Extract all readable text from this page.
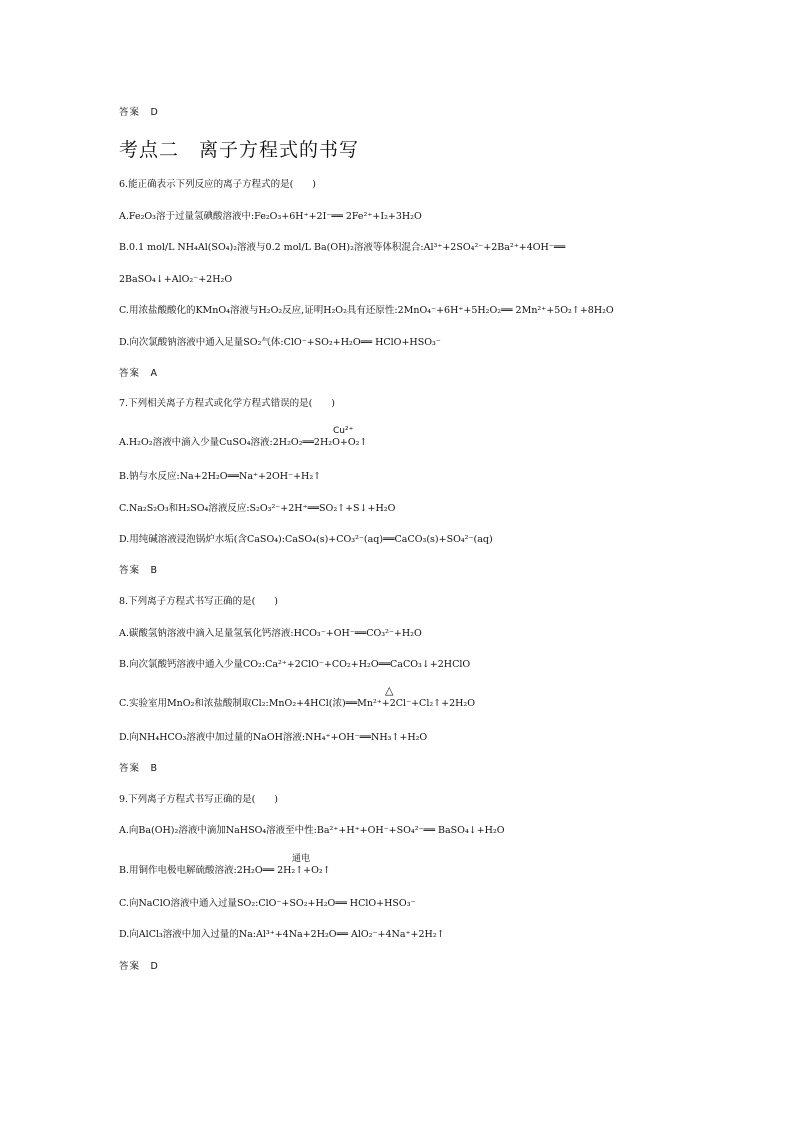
答案　D
考点二　离子方程式的书写
6.能正确表示下列反应的离子方程式的是(　　)
A.Fe₂O₃溶于过量氢碘酸溶液中:Fe₂O₃+6H⁺+2I⁻══ 2Fe²⁺+I₂+3H₂O
B.0.1 mol/L NH₄Al(SO₄)₂溶液与0.2 mol/L Ba(OH)₂溶液等体积混合:Al³⁺+2SO₄²⁻+2Ba²⁺+4OH⁻══
2BaSO₄↓+AlO₂⁻+2H₂O
C.用浓盐酸酸化的KMnO₄溶液与H₂O₂反应,证明H₂O₂具有还原性:2MnO₄⁻+6H⁺+5H₂O₂══ 2Mn²⁺+5O₂↑+8H₂O
D.向次氯酸钠溶液中通入足量SO₂气体:ClO⁻+SO₂+H₂O══ HClO+HSO₃⁻
答案　A
7.下列相关离子方程式或化学方程式错误的是(　　)
Cu²⁺
A.H₂O₂溶液中滴入少量CuSO₄溶液:2H₂O₂══2H₂O+O₂↑
B.钠与水反应:Na+2H₂O══Na⁺+2OH⁻+H₂↑
C.Na₂S₂O₃和H₂SO₄溶液反应:S₂O₃²⁻+2H⁺══SO₂↑+S↓+H₂O
D.用纯碱溶液浸泡锅炉水垢(含CaSO₄):CaSO₄(s)+CO₃²⁻(aq)══CaCO₃(s)+SO₄²⁻(aq)
答案　B
8.下列离子方程式书写正确的是(　　)
A.碳酸氢钠溶液中滴入足量氢氧化钙溶液:HCO₃⁻+OH⁻══CO₃²⁻+H₂O
B.向次氯酸钙溶液中通入少量CO₂:Ca²⁺+2ClO⁻+CO₂+H₂O══CaCO₃↓+2HClO
△
C.实验室用MnO₂和浓盐酸制取Cl₂:MnO₂+4HCl(浓)══Mn²⁺+2Cl⁻+Cl₂↑+2H₂O
D.向NH₄HCO₃溶液中加过量的NaOH溶液:NH₄⁺+OH⁻══NH₃↑+H₂O
答案　B
9.下列离子方程式书写正确的是(　　)
A.向Ba(OH)₂溶液中滴加NaHSO₄溶液至中性:Ba²⁺+H⁺+OH⁻+SO₄²⁻══ BaSO₄↓+H₂O
通电
B.用铜作电极电解硫酸溶液:2H₂O══ 2H₂↑+O₂↑
C.向NaClO溶液中通入过量SO₂:ClO⁻+SO₂+H₂O══ HClO+HSO₃⁻
D.向AlCl₃溶液中加入过量的Na:Al³⁺+4Na+2H₂O══ AlO₂⁻+4Na⁺+2H₂↑
答案　D
